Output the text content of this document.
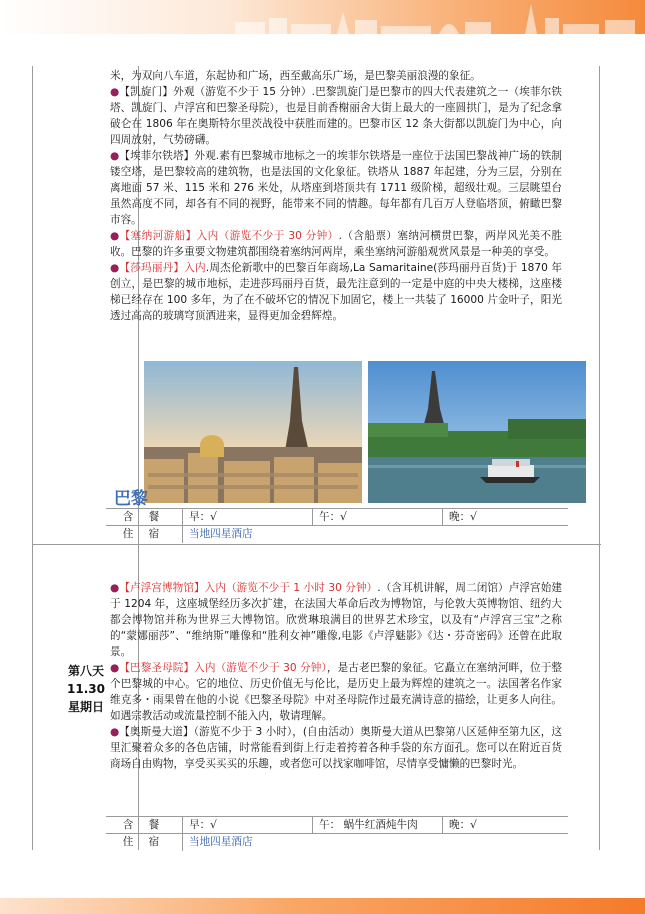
第八天
11.30
星期日

米，为双向八车道，东起协和广场，西至戴高乐广场，是巴黎美丽浪漫的象征。

●【凯旋门】外观（游览不少于 15 分钟）.巴黎凯旋门是巴黎市的四大代表建筑之一（埃菲尔铁塔、凯旋门、卢浮宫和巴黎圣母院），也是目前香榭丽舍大街上最大的一座圆拱门，是为了纪念拿破仑在 1806 年在奥斯特尔里茨战役中获胜而建的。巴黎市区 12 条大街都以凯旋门为中心，向四周放射，气势磅礴。

●【埃菲尔铁塔】外观.素有巴黎城市地标之一的埃菲尔铁塔是一座位于法国巴黎战神广场的铁制镂空塔，是巴黎较高的建筑物，也是法国的文化象征。铁塔从 1887 年起建，分为三层，分别在离地面 57 米、115 米和 276 米处，从塔座到塔顶共有 1711 级阶梯，超级壮观。三层眺望台虽然高度不同，却各有不同的视野，能带来不同的情趣。每年都有几百万人登临塔顶，俯瞰巴黎市容。

●【塞纳河游船】入内（游览不少于 30 分钟）.（含船票）塞纳河横贯巴黎，两岸风光美不胜收。巴黎的许多重要文物建筑都围绕着塞纳河两岸，乘坐塞纳河游船观赏风景是一种美的享受。

●【莎玛丽丹】入内.周杰伦新歌中的巴黎百年商场,La Samaritaine(莎玛丽丹百货)于 1870 年创立，是巴黎的城市地标，走进莎玛丽丹百货，最先注意到的一定是中庭的中央大楼梯，这座楼梯已经存在 100 多年，为了在不破坏它的情况下加固它，楼上一共装了 16000 片金叶子，阳光透过高高的玻璃穹顶洒进来，显得更加金碧辉煌。

含 餐	早：√	午：√	晚：√
住 宿	当地四星酒店
巴黎

●【卢浮宫博物馆】入内（游览不少于 1 小时 30 分钟）.（含耳机讲解，周二闭馆）卢浮宫始建于 1204 年，这座城堡经历多次扩建，在法国大革命后改为博物馆，与伦敦大英博物馆、纽约大都会博物馆并称为世界三大博物馆。欣赏琳琅满目的世界艺术珍宝，以及有“卢浮宫三宝”之称的“蒙娜丽莎”、“维纳斯”雕像和“胜利女神”雕像,电影《卢浮魅影》《达・芬奇密码》还曾在此取景。

●【巴黎圣母院】入内（游览不少于 30 分钟），是古老巴黎的象征。它矗立在塞纳河畔，位于整个巴黎城的中心。它的地位、历史价值无与伦比，是历史上最为辉煌的建筑之一。法国著名作家维克多・雨果曾在他的小说《巴黎圣母院》中对圣母院作过最充满诗意的描绘，让更多人向往。如遇宗教活动或流量控制不能入内，敬请理解。

●【奥斯曼大道】（游览不少于 3 小时），(自由活动）奥斯曼大道从巴黎第八区延伸至第九区，这里汇聚着众多的各色店铺，时常能看到街上行走着挎着各种手袋的东方面孔。您可以在附近百货商场自由购物，享受买买买的乐趣，或者您可以找家咖啡馆，尽情享受慵懒的巴黎时光。

含 餐	早：√	午： 蜗牛红酒炖牛肉	晚：√
住 宿	当地四星酒店
